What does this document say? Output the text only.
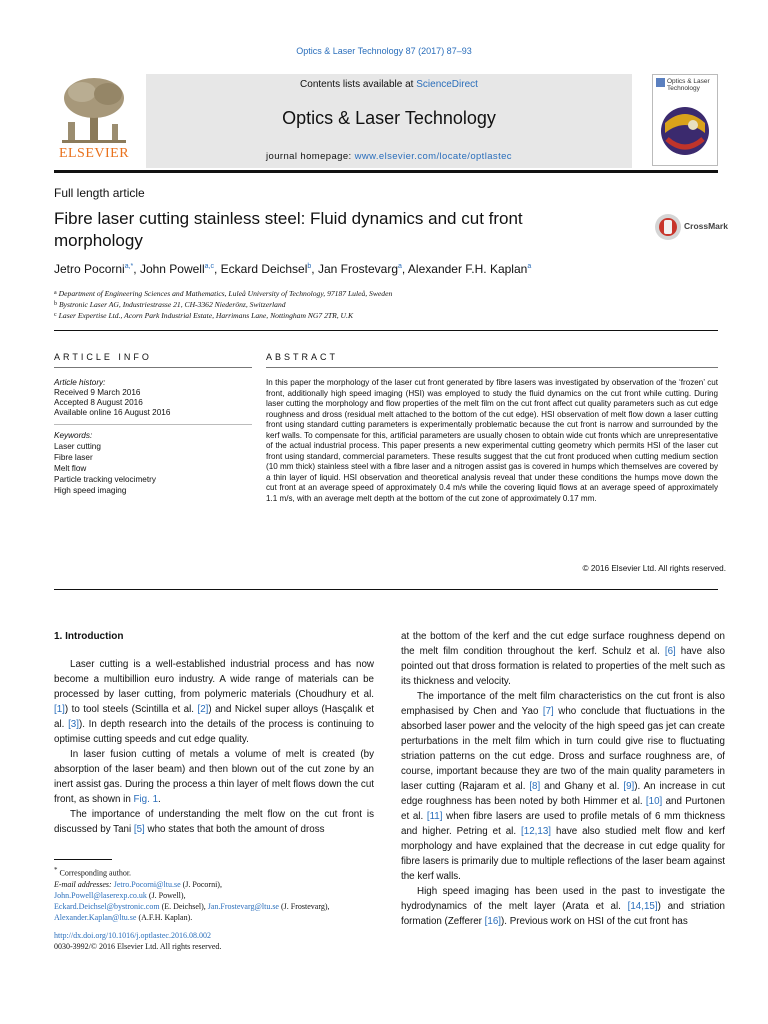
Optics & Laser Technology 87 (2017) 87–93
ELSEVIER
Contents lists available at ScienceDirect
Optics & Laser Technology
journal homepage: www.elsevier.com/locate/optlastec
Optics & Laser Technology
Full length article
Fibre laser cutting stainless steel: Fluid dynamics and cut front morphology
CrossMark
Jetro Pocorni$^{a,*}$, John Powell$^{a,c}$, Eckard Deichsel$^b$, Jan Frostevarg$^a$, Alexander F.H. Kaplan$^a$
$^a$ Department of Engineering Sciences and Mathematics, Luleå University of Technology, 97187 Luleå, Sweden
$^b$ Bystronic Laser AG, Industriestrasse 21, CH-3362 Niederönz, Switzerland
$^c$ Laser Expertise Ltd., Acorn Park Industrial Estate, Harrimans Lane, Nottingham NG7 2TR, U.K
ARTICLE INFO	ABSTRACT
Article history:
Received 9 March 2016
Accepted 8 August 2016
Available online 16 August 2016
Keywords:
Laser cutting
Fibre laser
Melt flow
Particle tracking velocimetry
High speed imaging
In this paper the morphology of the laser cut front generated by fibre lasers was investigated by observation of the ‘frozen’ cut front, additionally high speed imaging (HSI) was employed to study the fluid dynamics on the cut front while cutting. During laser cutting the morphology and flow properties of the melt film on the cut front affect cut quality parameters such as cut edge roughness and dross (residual melt attached to the bottom of the cut edge). HSI observation of melt flow down a laser cutting front using standard cutting parameters is experimentally problematic because the cut front is narrow and surrounded by the kerf walls. To compensate for this, artificial parameters are usually chosen to obtain wide cut fronts which are unrepresentative of the actual industrial process. This paper presents a new experimental cutting geometry which permits HSI of the laser cut front using standard, commercial parameters. These results suggest that the cut front produced when cutting medium section (10 mm thick) stainless steel with a fibre laser and a nitrogen assist gas is covered in humps which themselves are covered by a thin layer of liquid. HSI observation and theoretical analysis reveal that under these conditions the humps move down the cut front at an average speed of approximately 0.4 m/s while the covering liquid flows at an average speed of approximately 1.1 m/s, with an average melt depth at the bottom of the cut zone of approximately 0.17 mm.
© 2016 Elsevier Ltd. All rights reserved.
1. Introduction

Laser cutting is a well-established industrial process and has now become a multibillion euro industry. A wide range of materials can be processed by laser cutting, from polymeric materials (Choudhury et al. [1]) to tool steels (Scintilla et al. [2]) and Nickel super alloys (Hasçalık et al. [3]). In depth research into the details of the process is continuing to optimise cutting speeds and cut edge quality.

In laser fusion cutting of metals a volume of melt is created (by absorption of the laser beam) and then blown out of the cut zone by an inert assist gas. During the process a thin layer of melt flows down the cut front, as shown in Fig. 1.

The importance of understanding the melt flow on the cut front is discussed by Tani [5] who states that both the amount of dross

at the bottom of the kerf and the cut edge surface roughness depend on the melt film condition throughout the kerf. Schulz et al. [6] have also pointed out that dross formation is related to properties of the melt such as its thickness and velocity.

The importance of the melt film characteristics on the cut front is also emphasised by Chen and Yao [7] who conclude that fluctuations in the absorbed laser power and the velocity of the high speed gas jet can create perturbations in the melt film which in turn could give rise to fluctuating striation patterns on the cut edge. Dross and surface roughness are, of course, important because they are two of the main quality parameters in laser cutting (Rajaram et al. [8] and Ghany et al. [9]). An increase in cut edge roughness has been noted by both Himmer et al. [10] and Purtonen et al. [11] when fibre lasers are used to profile metals of 6 mm thickness and higher. Petring et al. [12,13] have also studied melt flow and kerf morphology and have explained that the decrease in cut edge quality for fibre lasers is primarily due to multiple reflections of the laser beam against the kerf walls.

High speed imaging has been used in the past to investigate the hydrodynamics of the melt layer (Arata et al. [14,15]) and striation formation (Zefferer [16]). Previous work on HSI of the cut front has

* Corresponding author.
E-mail addresses: Jetro.Pocorni@ltu.se (J. Pocorni),
John.Powell@laserexp.co.uk (J. Powell),
Eckard.Deichsel@bystronic.com (E. Deichsel), Jan.Frostevarg@ltu.se (J. Frostevarg),
Alexander.Kaplan@ltu.se (A.F.H. Kaplan).
http://dx.doi.org/10.1016/j.optlastec.2016.08.002
0030-3992/© 2016 Elsevier Ltd. All rights reserved.
